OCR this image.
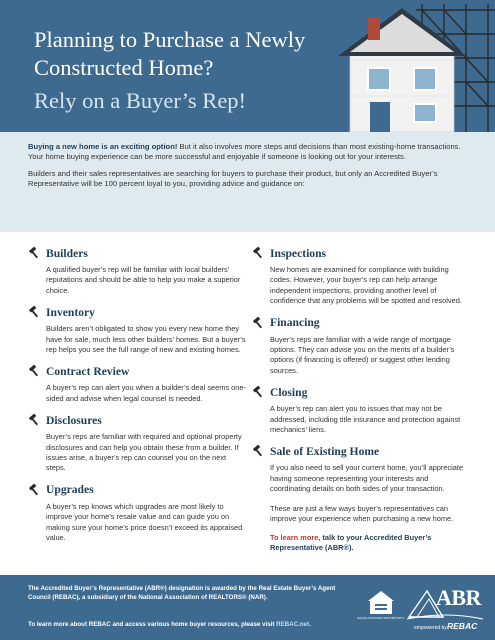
Planning to Purchase a Newly Constructed Home?
Rely on a Buyer’s Rep!

Buying a new home is an exciting option! But it also involves more steps and decisions than most existing-home transactions. Your home buying experience can be more successful and enjoyable if someone is looking out for your interests.

Builders and their sales representatives are searching for buyers to purchase their product, but only an Accredited Buyer’s Representative will be 100 percent loyal to you, providing advice and guidance on:

Builders
A qualified buyer’s rep will be familiar with local builders’ reputations and should be able to help you make a superior choice.
Inventory
Builders aren’t obligated to show you every new home they have for sale, much less other builders’ homes. But a buyer’s rep helps you see the full range of new and existing homes.
Contract Review
A buyer’s rep can alert you when a builder’s deal seems one-sided and advise when legal counsel is needed.
Disclosures
Buyer’s reps are familiar with required and optional property disclosures and can help you obtain these from a builder. If issues arise, a buyer’s rep can counsel you on the next steps.
Upgrades
A buyer’s rep knows which upgrades are most likely to improve your home’s resale value and can guide you on making sure your home’s price doesn’t exceed its appraised value.
Inspections
New homes are examined for compliance with building codes. However, your buyer’s rep can help arrange independent inspections, providing another level of confidence that any problems will be spotted and resolved.
Financing
Buyer’s reps are familiar with a wide range of mortgage options. They can advise you on the merits of a builder’s options (if financing is offered) or suggest other lending sources.
Closing
A buyer’s rep can alert you to issues that may not be addressed, including title insurance and protection against mechanics’ liens.
Sale of Existing Home
If you also need to sell your current home, you’ll appreciate having someone representing your interests and coordinating details on both sides of your transaction.
These are just a few ways buyer’s representatives can improve your experience when purchasing a new home.
To learn more, talk to your Accredited Buyer’s Representative (ABR®).
The Accredited Buyer’s Representative (ABR®) designation is awarded by the Real Estate Buyer’s Agent Council (REBAC), a subsidiary of the National Association of REALTORS® (NAR).
To learn more about REBAC and access various home buyer resources, please visit REBAC.net.
EQUAL HOUSING OPPORTUNITY
ABR
empowered by REBAC
